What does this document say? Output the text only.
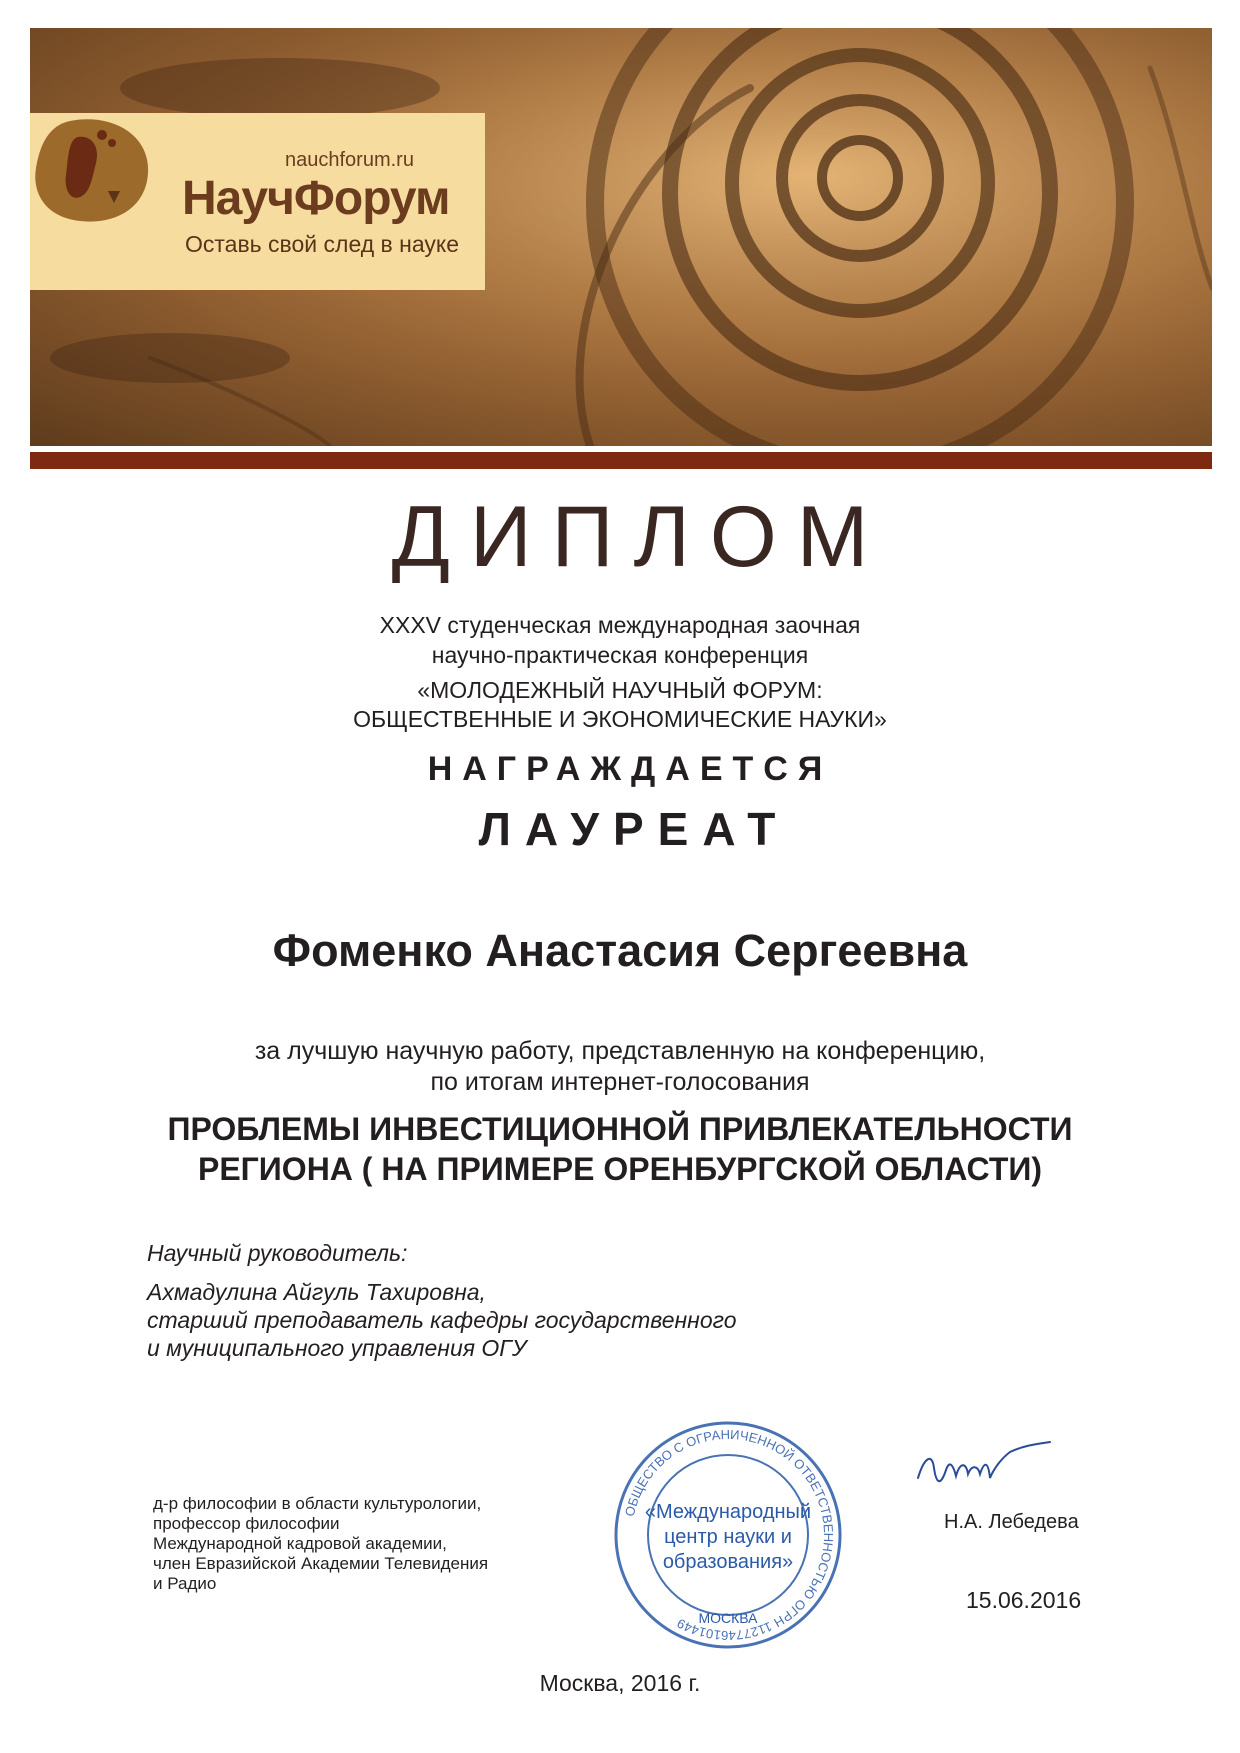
nauchforum.ru
НаучФорум
Оставь свой след в науке
ДИПЛОМ
XXXV студенческая международная заочная
научно-практическая конференция
«МОЛОДЕЖНЫЙ НАУЧНЫЙ ФОРУМ:
ОБЩЕСТВЕННЫЕ И ЭКОНОМИЧЕСКИЕ НАУКИ»
НАГРАЖДАЕТСЯ
ЛАУРЕАТ
Фоменко Анастасия Сергеевна
за лучшую научную работу, представленную на конференцию,
по итогам интернет-голосования
ПРОБЛЕМЫ ИНВЕСТИЦИОННОЙ ПРИВЛЕКАТЕЛЬНОСТИ
РЕГИОНА ( НА ПРИМЕРЕ ОРЕНБУРГСКОЙ ОБЛАСТИ)
Научный руководитель:
Ахмадулина Айгуль Тахировна,
старший преподаватель кафедры государственного
и муниципального управления ОГУ
д-р философии в области культурологии,
профессор философии
Международной кадровой академии,
член Евразийской Академии Телевидения
и Радио
ОБЩЕСТВО С ОГРАНИЧЕННОЙ ОТВЕТСТВЕННОСТЬЮ ОГРН 1127746101449
«Международный
центр науки и
образования»
МОСКВА
Н.А. Лебедева
15.06.2016
Москва, 2016 г.
